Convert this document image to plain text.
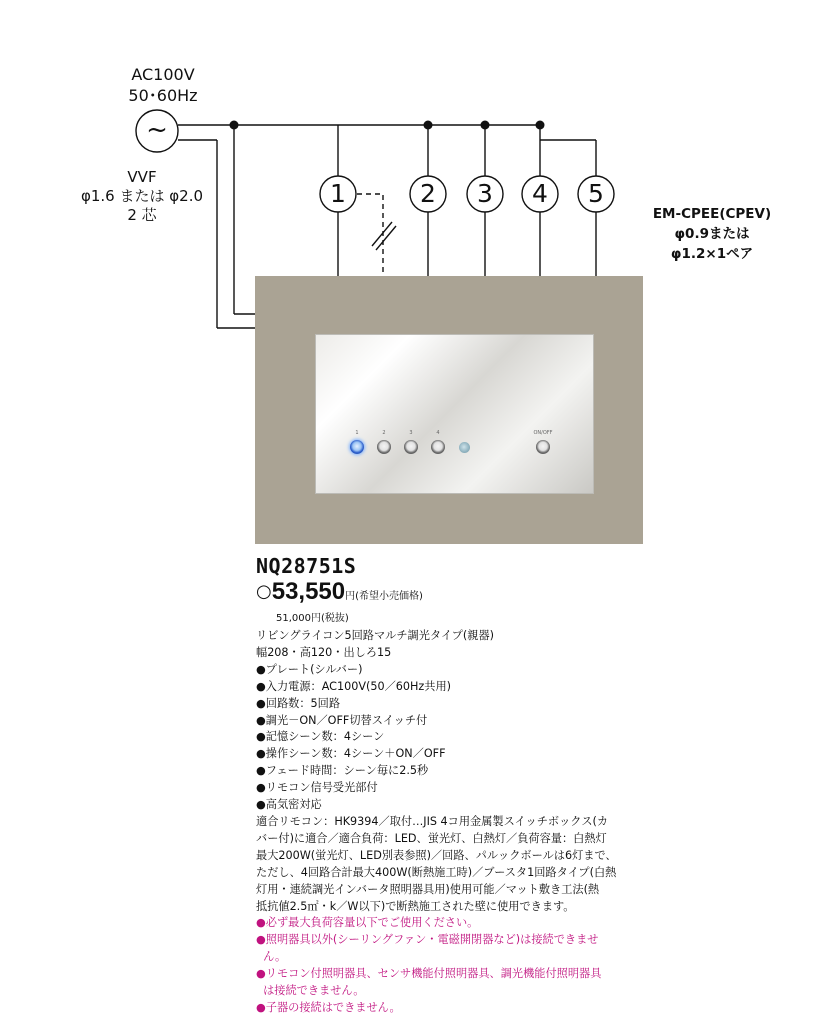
~
AC100V
50･60Hz
VVF
φ1.6 または φ2.0
2 芯	EM-CPEE(CPEV)
φ0.9または
φ1.2×1ペア
1	2	3	4	5
1	2	3	4	ON/OFF
NQ28751S
○53,550円(希望小売価格)
51,000円(税抜)

リビングライコン5回路マルチ調光タイプ(親器)

幅208・高120・出しろ15

●プレート(シルバー)

●入力電源：AC100V(50／60Hz共用)

●回路数：5回路

●調光－ON／OFF切替スイッチ付

●記憶シーン数：4シーン

●操作シーン数：4シーン＋ON／OFF

●フェード時間：シーン毎に2.5秒

●リモコン信号受光部付

●高気密対応

適合リモコン：HK9394／取付…JIS 4コ用金属製スイッチボックス(カ

バー付)に適合／適合負荷：LED、蛍光灯、白熱灯／負荷容量：白熱灯

最大200W(蛍光灯、LED別表参照)／回路、パルックボールは6灯まで、

ただし、4回路合計最大400W(断熱施工時)／ブースタ1回路タイプ(白熱

灯用・連続調光インバータ照明器具用)使用可能／マット敷き工法(熱

抵抗値2.5㎡・k／W以下)で断熱施工された壁に使用できます。

●必ず最大負荷容量以下でご使用ください。

●照明器具以外(シーリングファン・電磁開閉器など)は接続できませ

ん。

●リモコン付照明器具、センサ機能付照明器具、調光機能付照明器具

は接続できません。

●子器の接続はできません。
